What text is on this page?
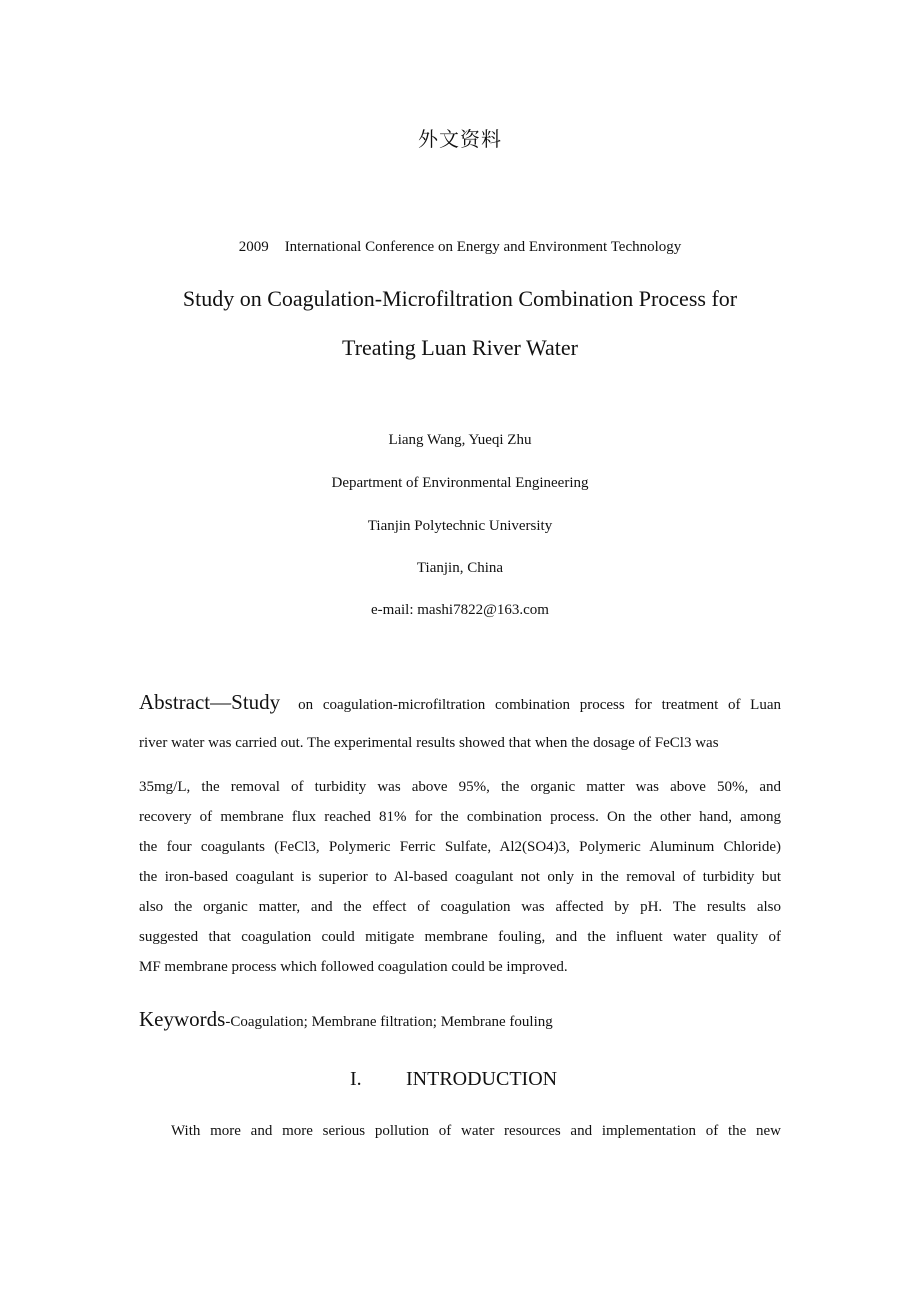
外文资料
2009 International Conference on Energy and Environment Technology
Study on Coagulation-Microfiltration Combination Process for
Treating Luan River Water
Liang Wang, Yueqi Zhu
Department of Environmental Engineering
Tianjin Polytechnic University
Tianjin, China
e-mail: mashi7822@163.com
Abstract—Study on coagulation-microfiltration combination process for treatment of Luan
river water was carried out. The experimental results showed that when the dosage of FeCl3 was
35mg/L, the removal of turbidity was above 95%, the organic matter was above 50%, and
recovery of membrane flux reached 81% for the combination process. On the other hand, among
the four coagulants (FeCl3, Polymeric Ferric Sulfate, Al2(SO4)3, Polymeric Aluminum Chloride)
the iron-based coagulant is superior to Al-based coagulant not only in the removal of turbidity but
also the organic matter, and the effect of coagulation was affected by pH. The results also
suggested that coagulation could mitigate membrane fouling, and the influent water quality of
MF membrane process which followed coagulation could be improved.
Keywords-Coagulation; Membrane filtration; Membrane fouling
I. INTRODUCTION
With more and more serious pollution of water resources and implementation of the new
